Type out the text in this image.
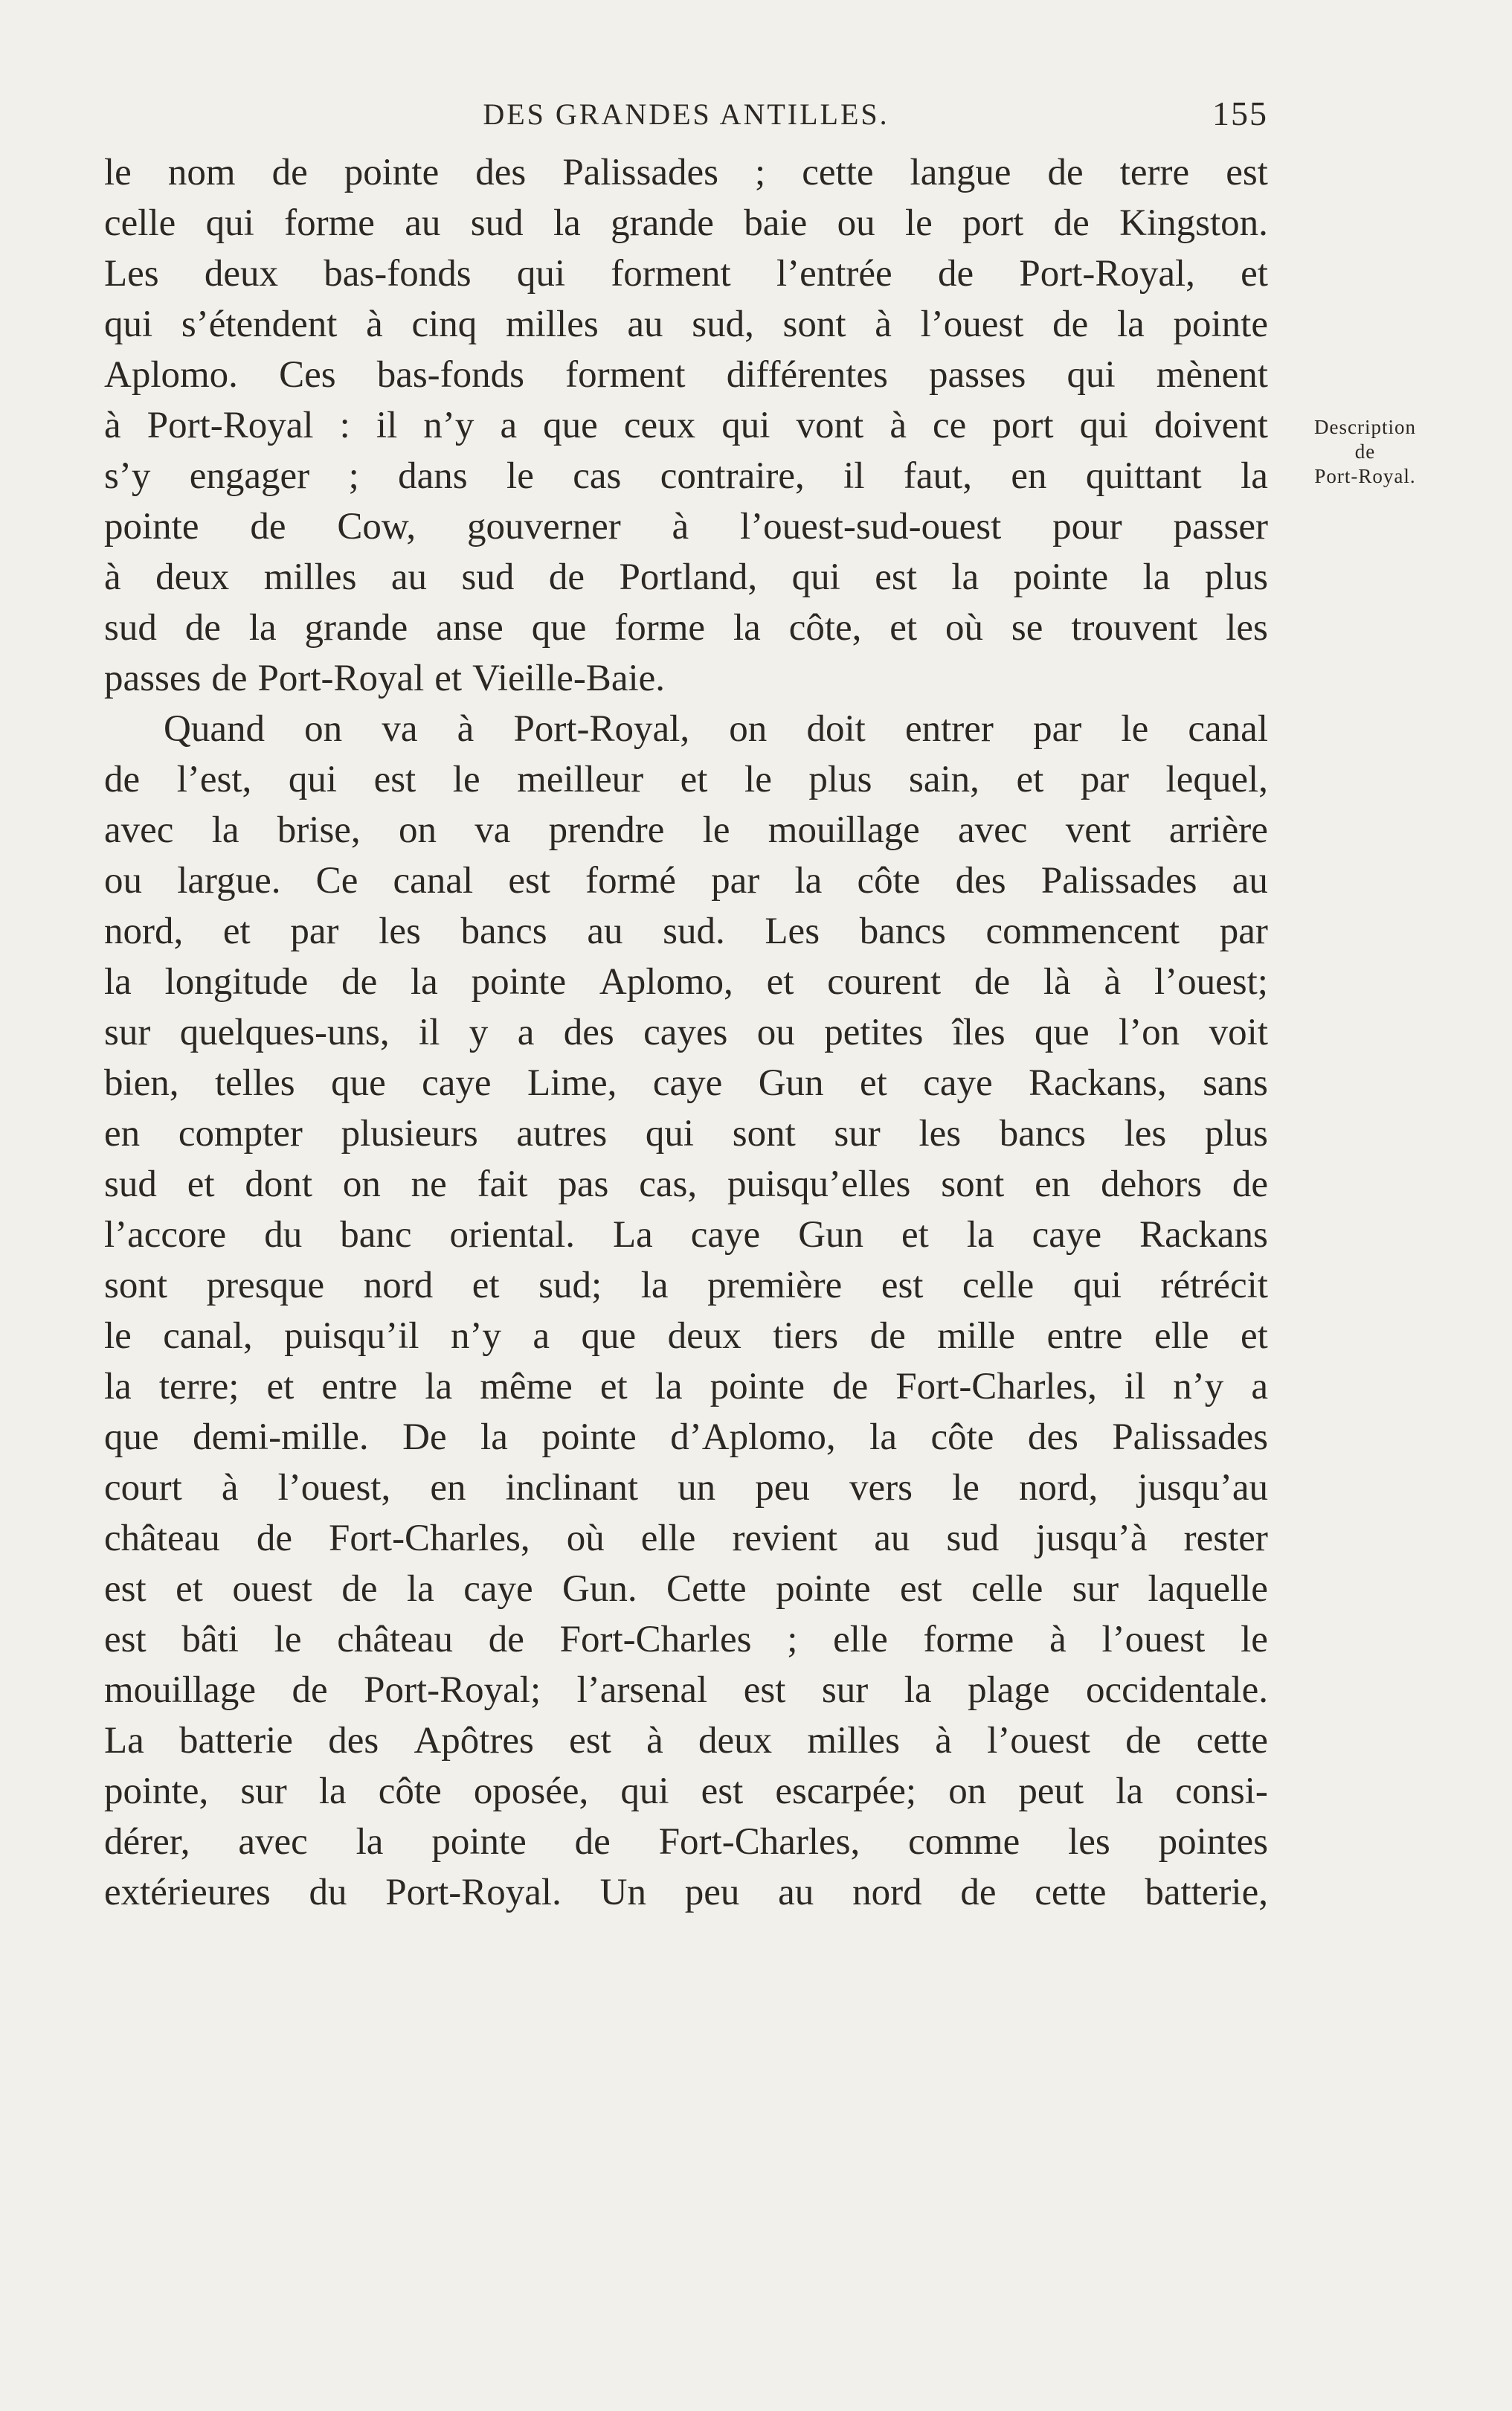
DES GRANDES ANTILLES.	155
le nom de pointe des Palissades ; cette langue de terre est
celle qui forme au sud la grande baie ou le port de Kingston.
Les deux bas-fonds qui forment l’entrée de Port-Royal, et
qui s’étendent à cinq milles au sud, sont à l’ouest de la pointe
Aplomo. Ces bas-fonds forment différentes passes qui mènent
à Port-Royal : il n’y a que ceux qui vont à ce port qui doivent
s’y engager ; dans le cas contraire, il faut, en quittant la
pointe de Cow, gouverner à l’ouest-sud-ouest pour passer
à deux milles au sud de Portland, qui est la pointe la plus
sud de la grande anse que forme la côte, et où se trouvent les
passes de Port-Royal et Vieille-Baie.
Quand on va à Port-Royal, on doit entrer par le canal
de l’est, qui est le meilleur et le plus sain, et par lequel,
avec la brise, on va prendre le mouillage avec vent arrière
ou largue. Ce canal est formé par la côte des Palissades au
nord, et par les bancs au sud. Les bancs commencent par
la longitude de la pointe Aplomo, et courent de là à l’ouest;
sur quelques-uns, il y a des cayes ou petites îles que l’on voit
bien, telles que caye Lime, caye Gun et caye Rackans, sans
en compter plusieurs autres qui sont sur les bancs les plus
sud et dont on ne fait pas cas, puisqu’elles sont en dehors de
l’accore du banc oriental. La caye Gun et la caye Rackans
sont presque nord et sud; la première est celle qui rétrécit
le canal, puisqu’il n’y a que deux tiers de mille entre elle et
la terre; et entre la même et la pointe de Fort-Charles, il n’y a
que demi-mille. De la pointe d’Aplomo, la côte des Palissades
court à l’ouest, en inclinant un peu vers le nord, jusqu’au
château de Fort-Charles, où elle revient au sud jusqu’à rester
est et ouest de la caye Gun. Cette pointe est celle sur laquelle
est bâti le château de Fort-Charles ; elle forme à l’ouest le
mouillage de Port-Royal; l’arsenal est sur la plage occidentale.
La batterie des Apôtres est à deux milles à l’ouest de cette
pointe, sur la côte oposée, qui est escarpée; on peut la consi-
dérer, avec la pointe de Fort-Charles, comme les pointes
extérieures du Port-Royal. Un peu au nord de cette batterie,
Description
de
Port-Royal.
